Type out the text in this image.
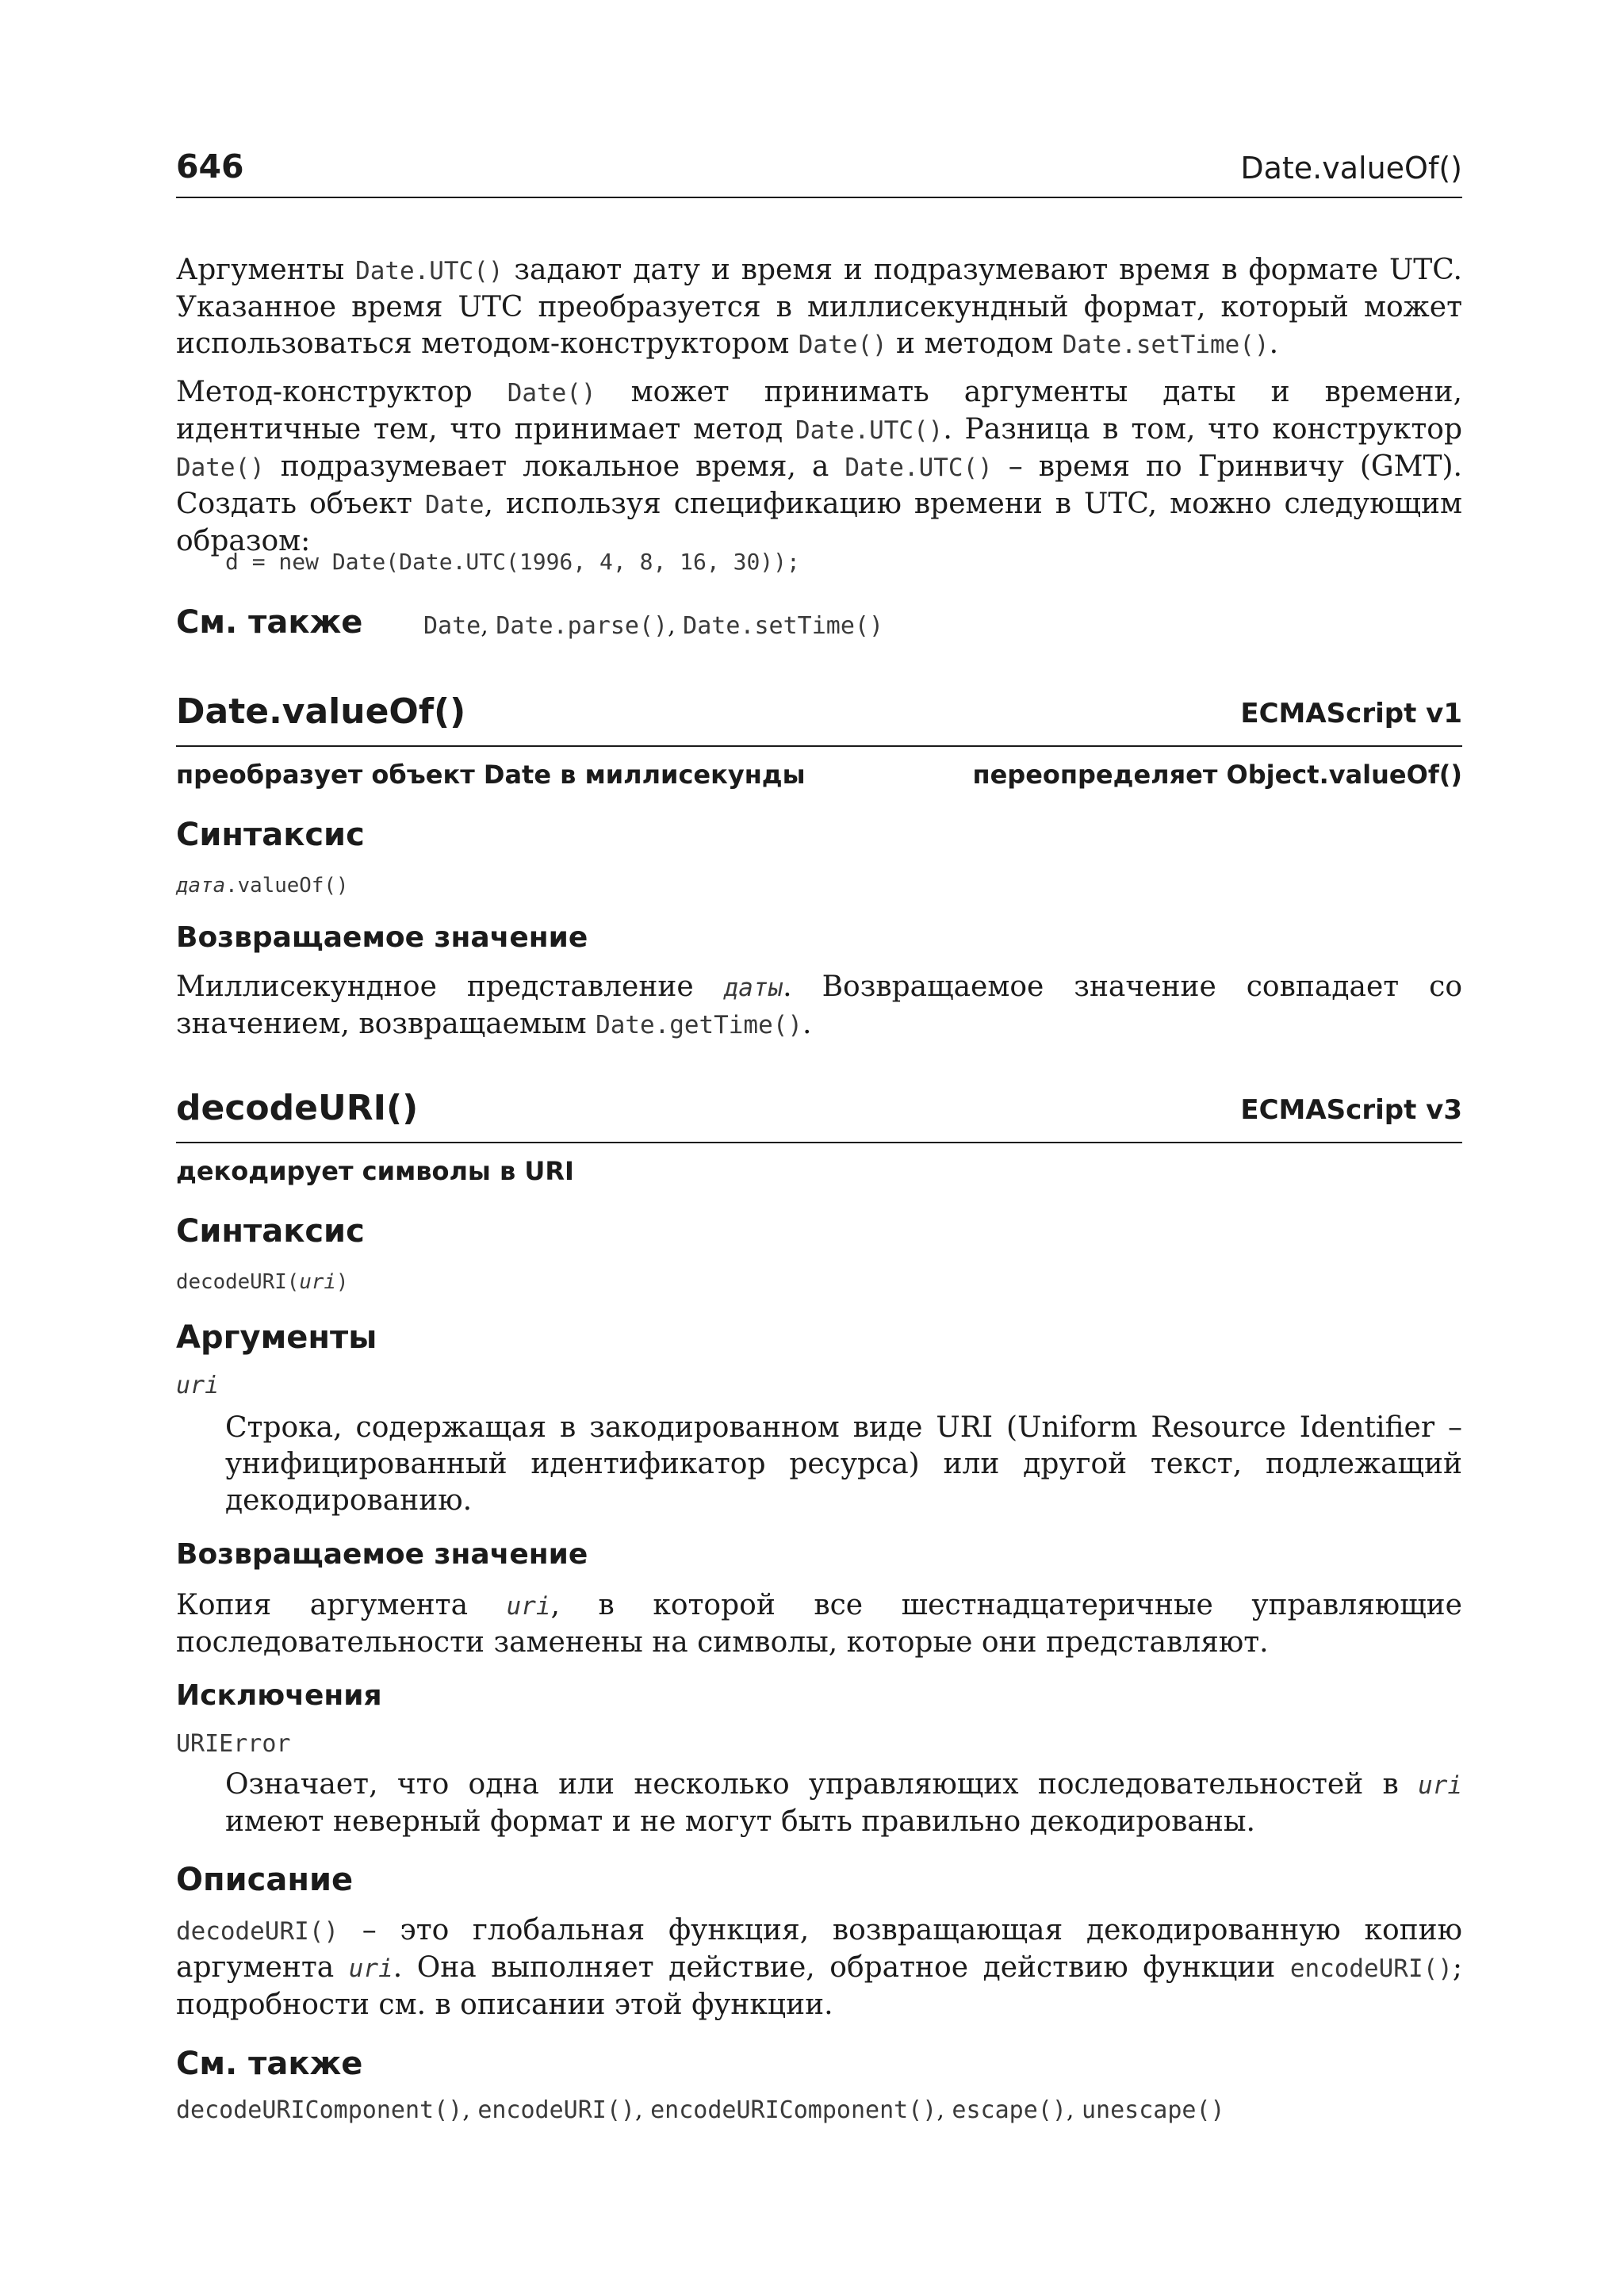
646	Date.valueOf()
Аргументы Date.UTC() задают дату и время и подразумевают время в формате UTC. Указанное время UTC преобразуется в миллисекундный формат, который может использоваться методом-конструктором Date() и методом Date.setTime().
Метод-конструктор Date() может принимать аргументы даты и времени, идентичные тем, что принимает метод Date.UTC(). Разница в том, что конструктор Date() подразумевает локальное время, а Date.UTC() – время по Гринвичу (GMT). Создать объект Date, используя спецификацию времени в UTC, можно следующим образом:
d = new Date(Date.UTC(1996, 4, 8, 16, 30));
См. также	Date, Date.parse(), Date.setTime()
Date.valueOf()	ECMAScript v1
преобразует объект Date в миллисекунды	переопределяет Object.valueOf()
Синтаксис
дата.valueOf()
Возвращаемое значение
Миллисекундное представление даты. Возвращаемое значение совпадает со значением, возвращаемым Date.getTime().
decodeURI()	ECMAScript v3
декодирует символы в URI
Синтаксис
decodeURI(uri)
Аргументы
uri
Строка, содержащая в закодированном виде URI (Uniform Resource Identifier – унифицированный идентификатор ресурса) или другой текст, подлежащий декодированию.
Возвращаемое значение
Копия аргумента uri, в которой все шестнадцатеричные управляющие последовательности заменены на символы, которые они представляют.
Исключения
URIError
Означает, что одна или несколько управляющих последовательностей в uri имеют неверный формат и не могут быть правильно декодированы.
Описание
decodeURI() – это глобальная функция, возвращающая декодированную копию аргумента uri. Она выполняет действие, обратное действию функции encodeURI(); подробности см. в описании этой функции.
См. также
decodeURIComponent(), encodeURI(), encodeURIComponent(), escape(), unescape()
